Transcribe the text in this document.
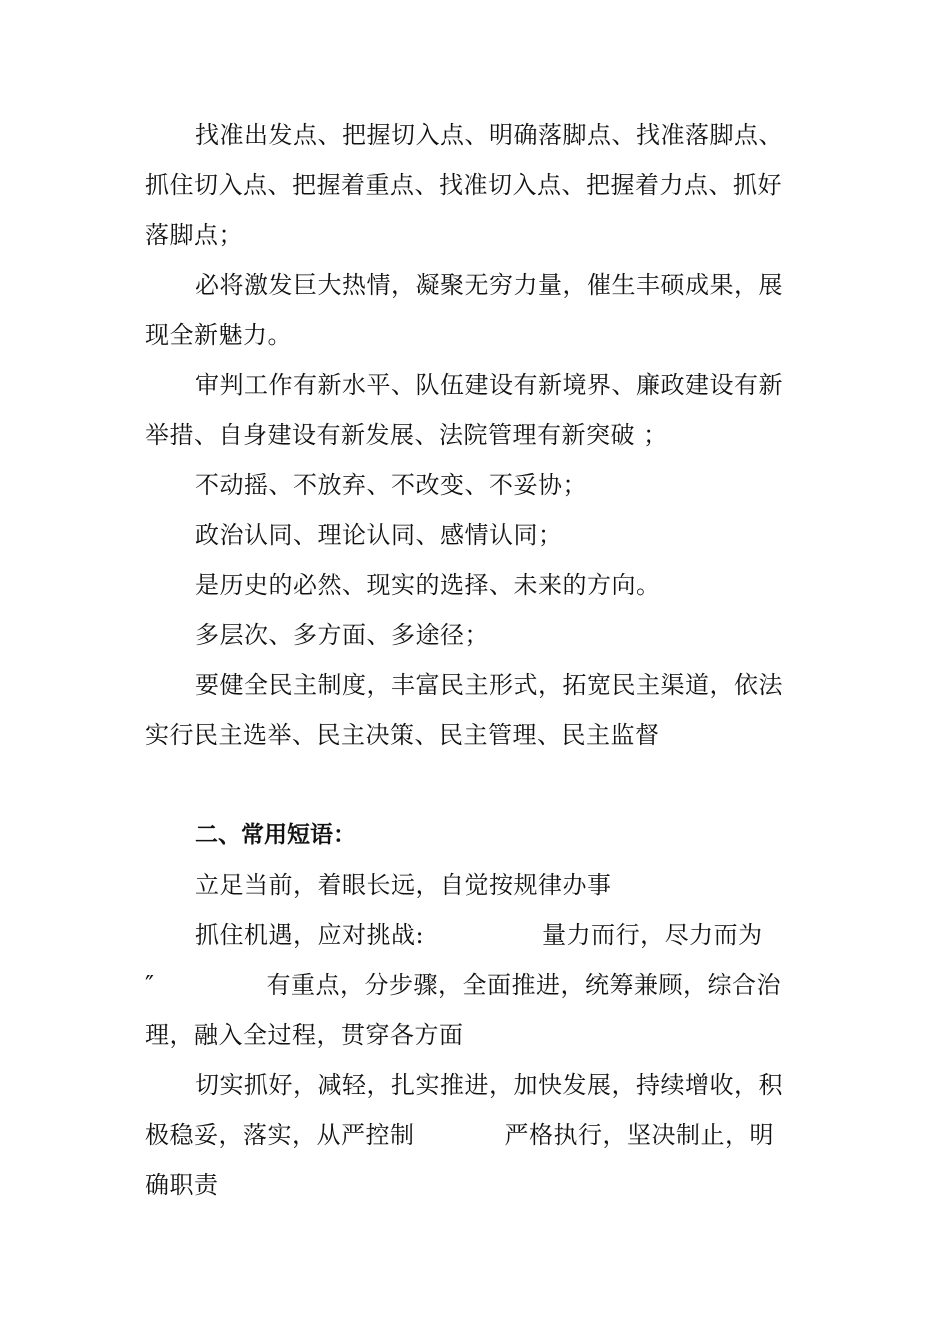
找准出发点、把握切入点、明确落脚点、找准落脚点、
抓住切入点、把握着重点、找准切入点、把握着力点、抓好
落脚点；
必将激发巨大热情，凝聚无穷力量，催生丰硕成果，展
现全新魅力。
审判工作有新水平、队伍建设有新境界、廉政建设有新
举措、自身建设有新发展、法院管理有新突破 ；
不动摇、不放弃、不改变、不妥协；
政治认同、理论认同、感情认同；
是历史的必然、现实的选择、未来的方向。
多层次、多方面、多途径；
要健全民主制度，丰富民主形式，拓宽民主渠道，依法
实行民主选举、民主决策、民主管理、民主监督
二、常用短语：
立足当前，着眼长远，自觉按规律办事
抓住机遇，应对挑战:	量力而行，尽力而为
″	有重点，分步骤，全面推进，统筹兼顾，综合治
理，融入全过程，贯穿各方面
切实抓好，减轻，扎实推进，加快发展，持续增收，积
极稳妥，落实，从严控制	严格执行，坚决制止，明
确职责
